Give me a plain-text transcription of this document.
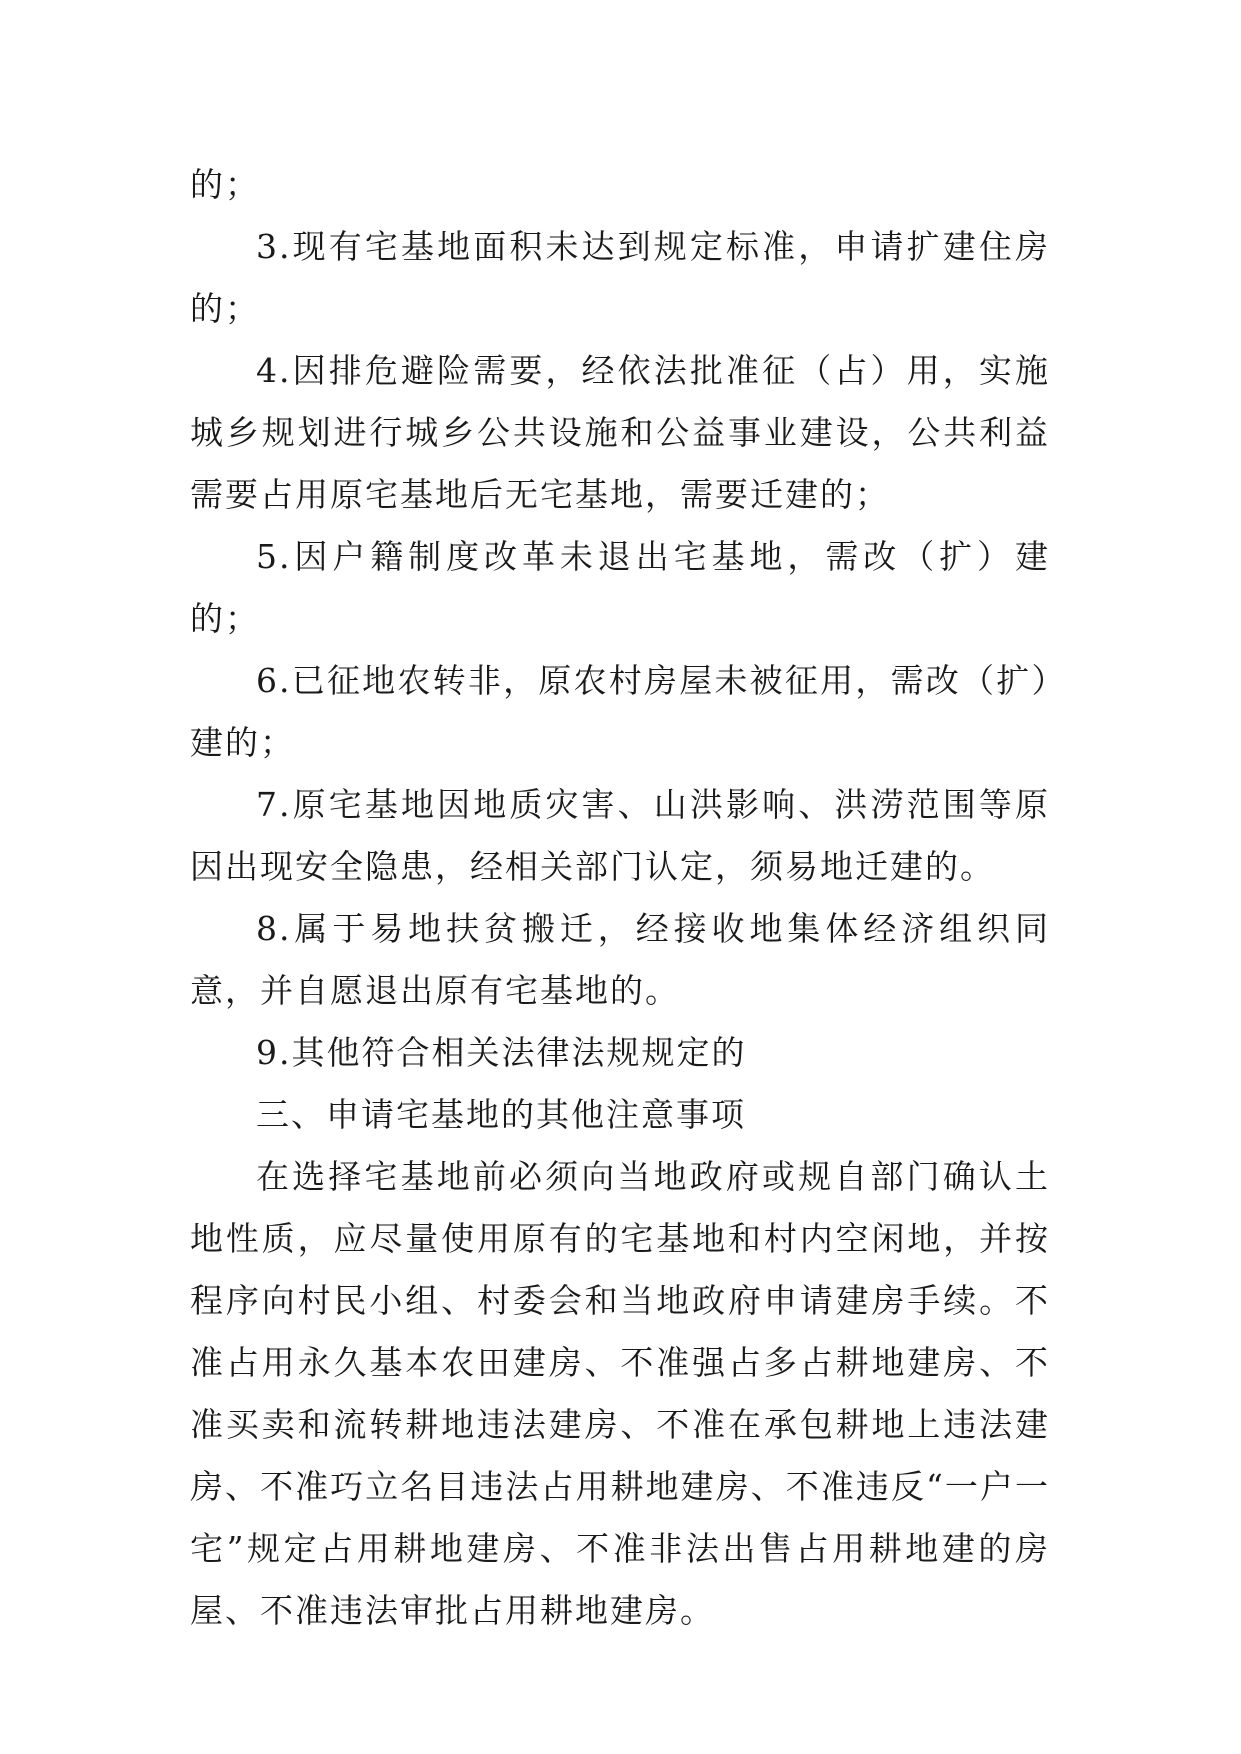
的；

3.现有宅基地面积未达到规定标准，申请扩建住房的；

4.因排危避险需要，经依法批准征（占）用，实施城乡规划进行城乡公共设施和公益事业建设，公共利益需要占用原宅基地后无宅基地，需要迁建的；

5.因户籍制度改革未退出宅基地，需改（扩）建的；

6.已征地农转非，原农村房屋未被征用，需改（扩）建的；

7.原宅基地因地质灾害、山洪影响、洪涝范围等原因出现安全隐患，经相关部门认定，须易地迁建的。

8.属于易地扶贫搬迁，经接收地集体经济组织同意，并自愿退出原有宅基地的。

9.其他符合相关法律法规规定的

三、申请宅基地的其他注意事项

在选择宅基地前必须向当地政府或规自部门确认土地性质，应尽量使用原有的宅基地和村内空闲地，并按程序向村民小组、村委会和当地政府申请建房手续。不准占用永久基本农田建房、不准强占多占耕地建房、不准买卖和流转耕地违法建房、不准在承包耕地上违法建房、不准巧立名目违法占用耕地建房、不准违反“一户一宅”规定占用耕地建房、不准非法出售占用耕地建的房屋、不准违法审批占用耕地建房。
